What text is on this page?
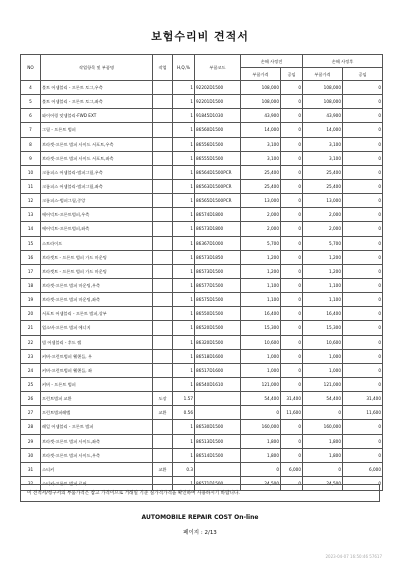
보험수리비 견적서
NO	작업항목 및 부품명	작업	H,Q,%	부품코드	손해 사정전		손해 사정후	
					부품가격	공임	부품가격	공임
4	볼트 어셈블리 - 프론트 토그,우측		1	92202D1500	108,000	0	108,000	0
5	볼트 어셈블리 - 프론트 토그,좌측		1	92201D1500	108,000	0	108,000	0
6	와이어링 앗셈블리-FWD EXT		1	91845D1030	43,900	0	43,900	0
7	그릴 - 프론트 범퍼		1	86560D1500	14,000	0	14,000	0
8	브라켓-프론트 범퍼 사이드 서포트,우측		1	86556D1500	3,100	0	3,100	0
9	브라켓-프론트 범퍼 사이드 서포트,좌측		1	86555D1500	3,100	0	3,100	0
10	크롬피스 어셈블리-범퍼그릴,우측		1	86564D1500PCR	25,400	0	25,400	0
11	크롬피스 어셈블리-범퍼그릴,좌측		1	86563D1500PCR	25,400	0	25,400	0
12	크롬피스-범퍼그릴,중앙		1	86565D1500PCR	13,000	0	13,000	0
13	에어덕트-프론트범퍼,우측		1	86574D1800	2,000	0	2,000	0
14	에어덕트-프론트범퍼,좌측		1	86573D1800	2,000	0	2,000	0
15	스트라이프		1	86367D1000	5,700	0	5,700	0
16	브라켓트 - 프론트 범퍼 가드 마운팅		1	86573D1850	1,200	0	1,200	0
17	브라켓트 - 프론트 범퍼 가드 마운팅		1	86573D1500	1,200	0	1,200	0
18	브라켓-프론트 범퍼 마운팅,우측		1	86577D1500	1,100	0	1,100	0
19	브라켓-프론트 범퍼 마운팅,좌측		1	86575D1500	1,100	0	1,100	0
20	서포트 어셈블리 - 프론트 범퍼,상부		1	86550D1500	16,400	0	16,400	0
21	업소버-프론트 범퍼 에너지		1	86520D1500	15,300	0	15,300	0
22	빔 어셈블리 - 후드 랩		1	86320D1500	10,600	0	10,600	0
23	커버-프런트범퍼 웰핸들, 우		1	86518D1600	1,000	0	1,000	0
24	커버-프런트범퍼 웰핸들, 좌		1	86517D1600	1,000	0	1,000	0
25	커버 - 프론트 범퍼		1	86540D1610	121,000	0	121,000	0
26	프런트범퍼 교환	도장	1.57		54,400	31,400	54,400	31,400
27	프런트범퍼레벨	교환	0.56		0	11,600	0	11,600
28	레일 어셈블리 - 프론트 범퍼		1	86530D1500	160,000	0	160,000	0
29	브라켓-프론트 범퍼 사이드,좌측		1	86513D1500	1,800	0	1,800	0
30	브라켓-프론트 범퍼 사이드,우측		1	86514D1500	1,800	0	1,800	0
31	스티커	교환	0.3		0	6,000	0	6,000
32	스티커-프론트 범퍼 로어		1	86571D1500	24,500	0	24,500	0
이 견적서/청구서의 부품가격은 참고 가격이므로 거래일 기준 실가격가격을 확인하여 사용하시기 바랍니다.
AUTOMOBILE REPAIR COST On-line
페이지 : 2/13
2023-04-07 16:50:46 57617
